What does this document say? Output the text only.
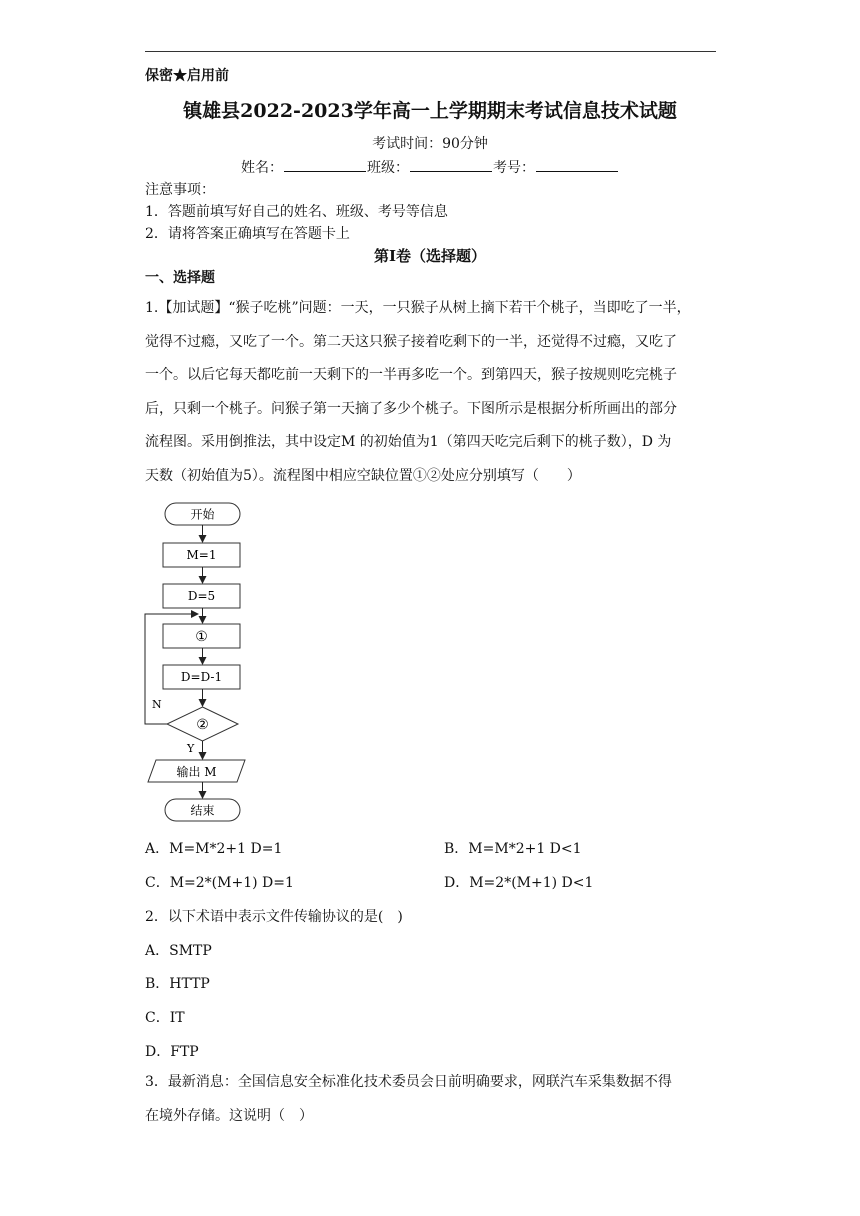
保密★启用前
镇雄县2022-2023学年高一上学期期末考试信息技术试题
考试时间：90分钟
姓名：	班级：	考号：
注意事项：
1．答题前填写好自己的姓名、班级、考号等信息
2．请将答案正确填写在答题卡上
第I卷（选择题）
一、选择题
1.【加试题】“猴子吃桃”问题：一天，一只猴子从树上摘下若干个桃子，当即吃了一半，
觉得不过瘾，又吃了一个。第二天这只猴子接着吃剩下的一半，还觉得不过瘾，又吃了
一个。以后它每天都吃前一天剩下的一半再多吃一个。到第四天，猴子按规则吃完桃子
后，只剩一个桃子。问猴子第一天摘了多少个桃子。下图所示是根据分析所画出的部分
流程图。采用倒推法，其中设定M 的初始值为1（第四天吃完后剩下的桃子数），D 为
天数（初始值为5）。流程图中相应空缺位置①②处应分别填写（　　）
开始
M=1
D=5
①
D=D-1
②
N
Y
输出 M
结束
A．M=M*2+1 D=1	B．M=M*2+1 D<1
C．M=2*(M+1) D=1	D．M=2*(M+1) D<1
2．以下术语中表示文件传输协议的是(　)
A．SMTP
B．HTTP
C．IT
D．FTP
3．最新消息：全国信息安全标准化技术委员会日前明确要求，网联汽车采集数据不得
在境外存储。这说明（　）
